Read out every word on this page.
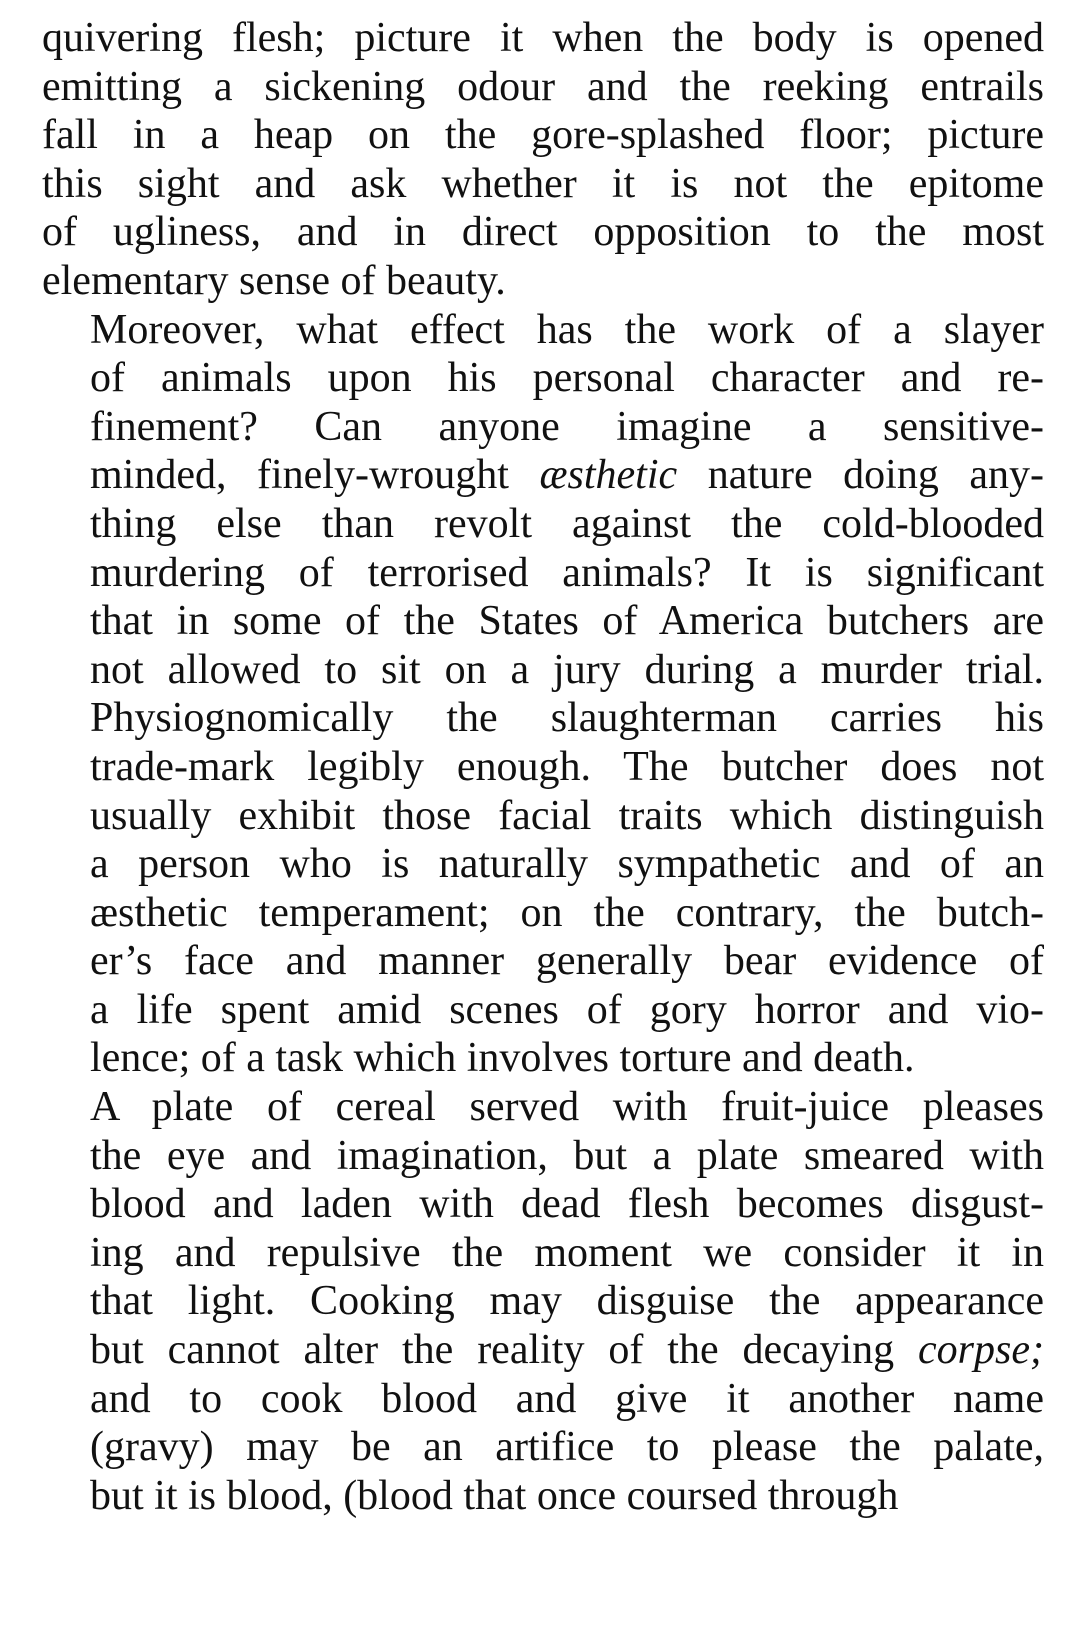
quivering flesh; picture it when the body is opened
emitting a sickening odour and the reeking entrails
fall in a heap on the gore-splashed floor; picture
this sight and ask whether it is not the epitome
of ugliness, and in direct opposition to the most
elementary sense of beauty.

Moreover, what effect has the work of a slayer
of animals upon his personal character and re-
finement? Can anyone imagine a sensitive-
minded, finely-wrought æsthetic nature doing any-
thing else than revolt against the cold-blooded
murdering of terrorised animals? It is significant
that in some of the States of America butchers are
not allowed to sit on a jury during a murder trial.
Physiognomically the slaughterman carries his
trade-mark legibly enough. The butcher does not
usually exhibit those facial traits which distinguish
a person who is naturally sympathetic and of an
æsthetic temperament; on the contrary, the butch-
er’s face and manner generally bear evidence of
a life spent amid scenes of gory horror and vio-
lence; of a task which involves torture and death.

A plate of cereal served with fruit-juice pleases
the eye and imagination, but a plate smeared with
blood and laden with dead flesh becomes disgust-
ing and repulsive the moment we consider it in
that light. Cooking may disguise the appearance
but cannot alter the reality of the decaying corpse;
and to cook blood and give it another name
(gravy) may be an artifice to please the palate,
but it is blood, (blood that once coursed through
